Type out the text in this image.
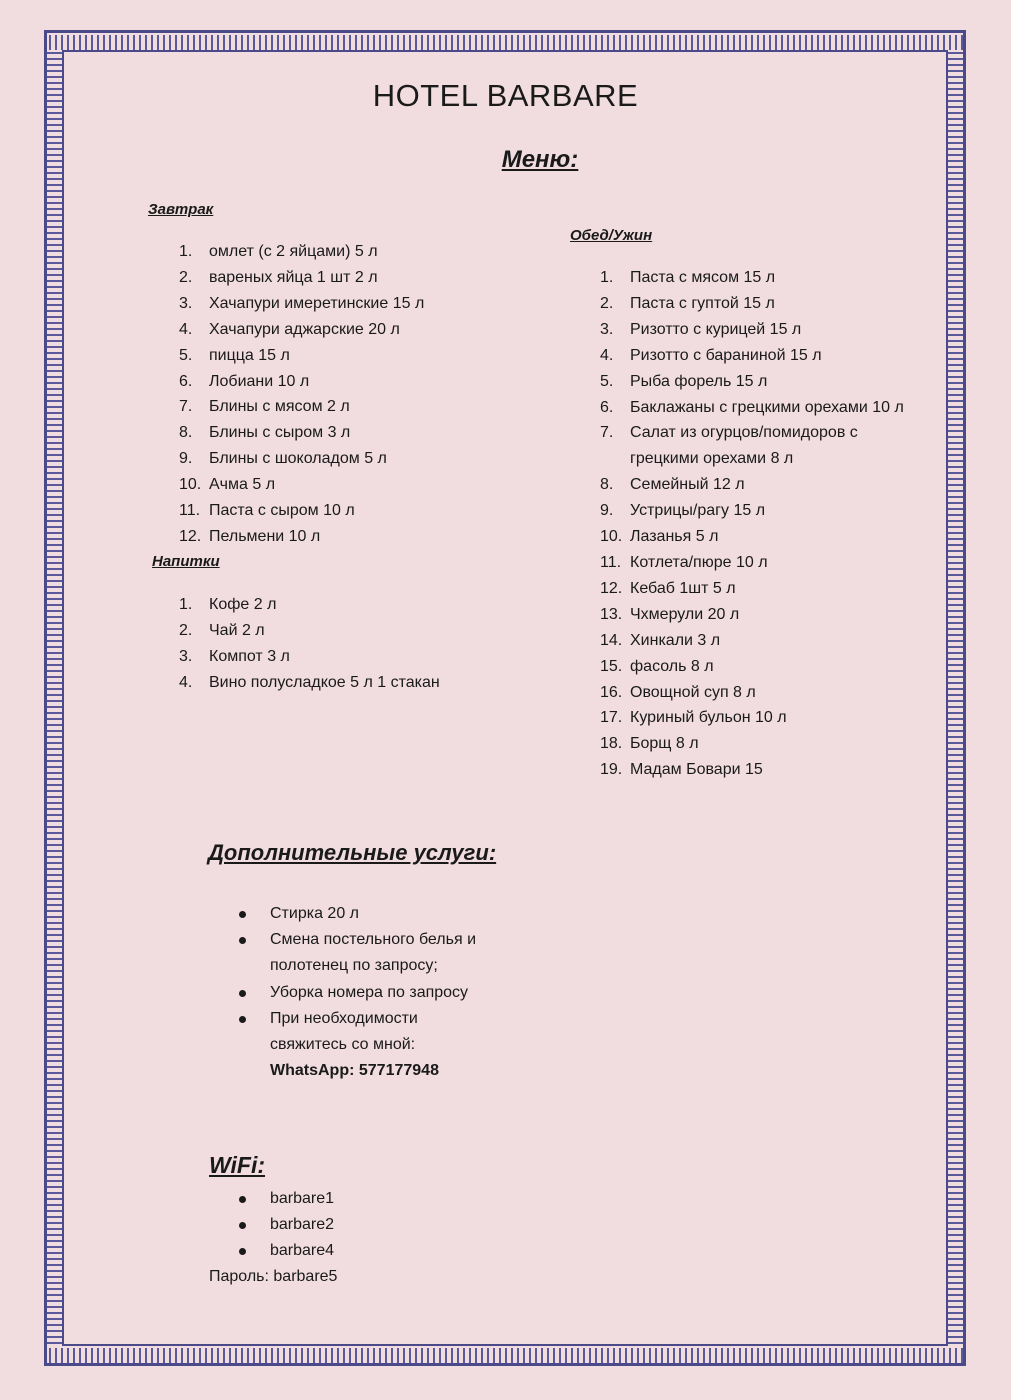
HOTEL BARBARE
Меню:
Завтрак
1.	омлет (с 2 яйцами) 5 л
2.	вареных яйца 1 шт 2 л
3.	Хачапури имеретинские 15 л
4.	Хачапури аджарские 20 л
5.	пицца 15 л
6.	Лобиани 10 л
7.	Блины с мясом 2 л
8.	Блины с сыром 3 л
9.	Блины с шоколадом 5 л
10. Ачма 5 л
11. Паста с сыром 10 л
12. Пельмени 10 л
Напитки
1.	Кофе 2 л
2.	Чай 2 л
3.	Компот 3 л
4.	Вино полусладкое 5 л 1 стакан
Обед/Ужин
1.	Паста с мясом 15 л
2.	Паста с гуптой 15 л
3.	Ризотто с курицей 15 л
4.	Ризотто с бараниной 15 л
5.	Рыба форель 15 л
6.	Баклажаны с грецкими орехами 10 л
7.	Салат из огурцов/помидоров с
грецкими орехами 8 л
8.	Семейный 12 л
9.	Устрицы/рагу 15 л
10. Лазанья 5 л
11. Котлета/пюре 10 л
12. Кебаб 1шт 5 л
13. Чхмерули 20 л
14. Хинкали 3 л
15. фасоль 8 л
16. Овощной суп 8 л
17. Куриный бульон 10 л
18. Борщ 8 л
19. Мадам Бовари 15
Дополнительные услуги:
Стирка 20 л
Смена постельного белья и
полотенец по запросу;
Уборка номера по запросу
При необходимости
свяжитесь со мной:
WhatsApp: 577177948
WiFi:
barbare1
barbare2
barbare4
Пароль: barbare5
